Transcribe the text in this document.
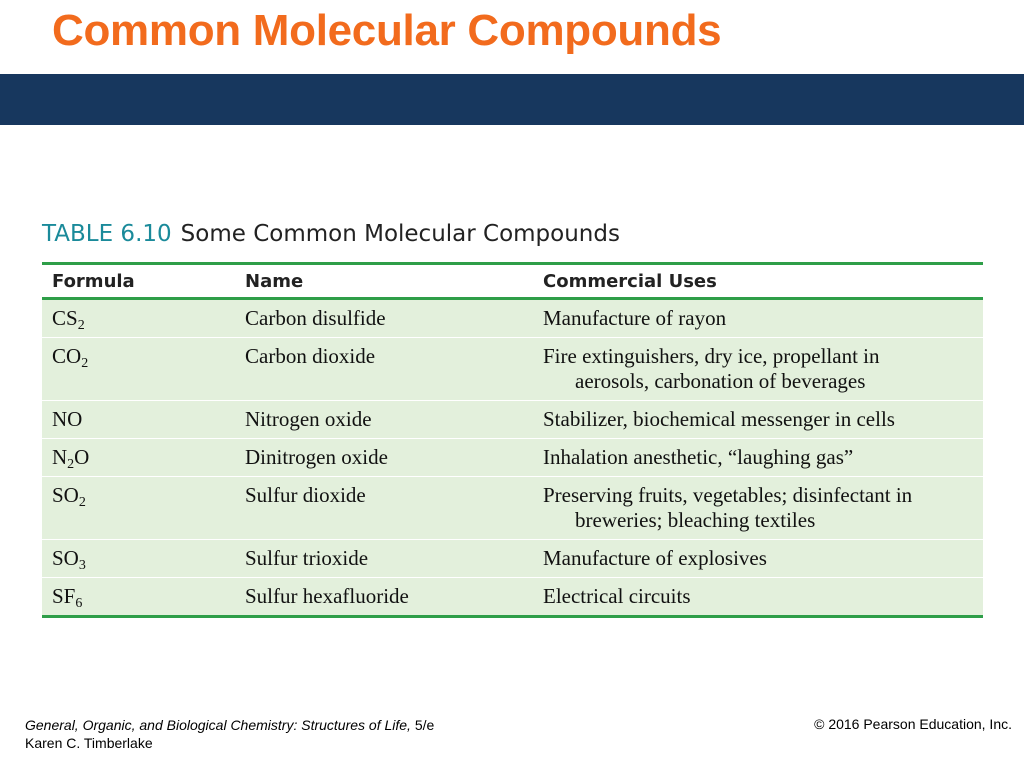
Common Molecular Compounds
TABLE 6.10 Some Common Molecular Compounds
Formula	Name	Commercial Uses
$CS_2$	Carbon disulfide	Manufacture of rayon
$CO_2$	Carbon dioxide	Fire extinguishers, dry ice, propellant in
aerosols, carbonation of beverages

NO	Nitrogen oxide	Stabilizer, biochemical messenger in cells
$N_2O$	Dinitrogen oxide	Inhalation anesthetic, “laughing gas”
$SO_2$	Sulfur dioxide	Preserving fruits, vegetables; disinfectant in
breweries; bleaching textiles

$SO_3$	Sulfur trioxide	Manufacture of explosives
$SF_6$	Sulfur hexafluoride	Electrical circuits
General, Organic, and Biological Chemistry: Structures of Life, 5/e
Karen C. Timberlake
© 2016 Pearson Education, Inc.
